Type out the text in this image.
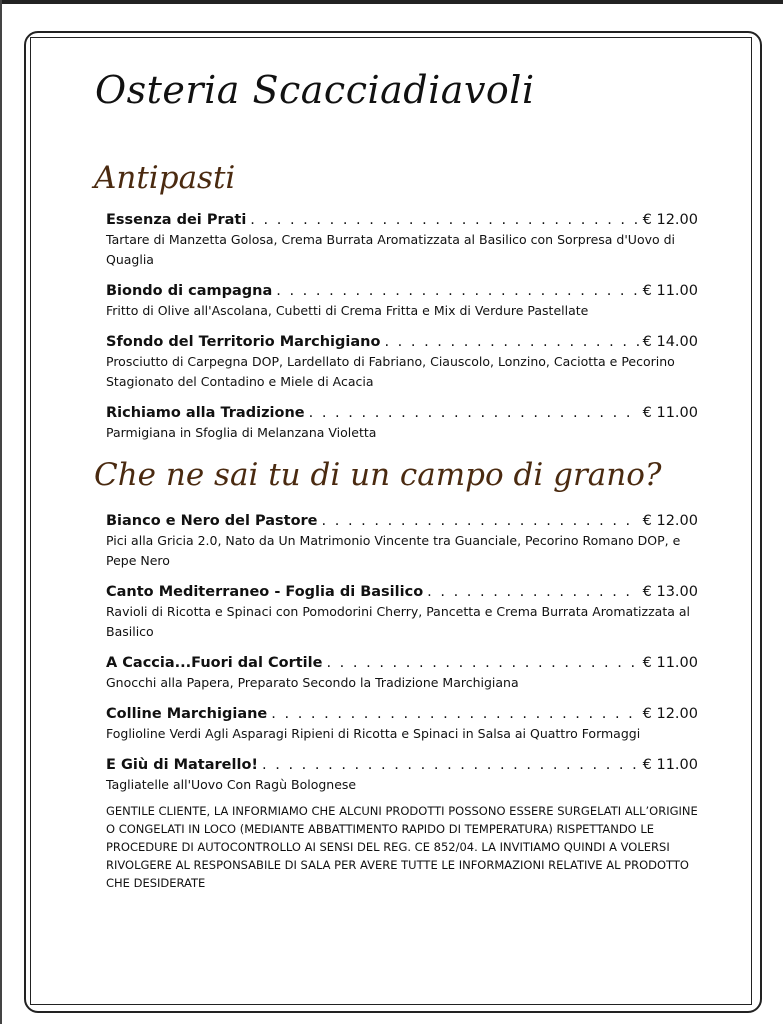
Osteria Scacciadiavoli
Antipasti
Essenza dei Prati . . .	€ 12.00
Tartare di Manzetta Golosa, Crema Burrata Aromatizzata al Basilico con Sorpresa d'Uovo di Quaglia
Biondo di campagna . . .	€ 11.00
Fritto di Olive all'Ascolana, Cubetti di Crema Fritta e Mix di Verdure Pastellate
Sfondo del Territorio Marchigiano . . .	€ 14.00
Prosciutto di Carpegna DOP, Lardellato di Fabriano, Ciauscolo, Lonzino, Caciotta e Pecorino Stagionato del Contadino e Miele di Acacia
Richiamo alla Tradizione . . .	€ 11.00
Parmigiana in Sfoglia di Melanzana Violetta
Che ne sai tu di un campo di grano?
Bianco e Nero del Pastore . . .	€ 12.00
Pici alla Gricia 2.0, Nato da Un Matrimonio Vincente tra Guanciale, Pecorino Romano DOP, e Pepe Nero
Canto Mediterraneo - Foglia di Basilico . . .	€ 13.00
Ravioli di Ricotta e Spinaci con Pomodorini Cherry, Pancetta e Crema Burrata Aromatizzata al Basilico
A Caccia...Fuori dal Cortile . . .	€ 11.00
Gnocchi alla Papera, Preparato Secondo la Tradizione Marchigiana
Colline Marchigiane . . .	€ 12.00
Foglioline Verdi Agli Asparagi Ripieni di Ricotta e Spinaci in Salsa ai Quattro Formaggi
E Giù di Matarello! . . .	€ 11.00
Tagliatelle all'Uovo Con Ragù Bolognese
GENTILE CLIENTE, LA INFORMIAMO CHE ALCUNI PRODOTTI POSSONO ESSERE SURGELATI ALL’ORIGINE O CONGELATI IN LOCO (MEDIANTE ABBATTIMENTO RAPIDO DI TEMPERATURA) RISPETTANDO LE PROCEDURE DI AUTOCONTROLLO AI SENSI DEL REG. CE 852/04. LA INVITIAMO QUINDI A VOLERSI RIVOLGERE AL RESPONSABILE DI SALA PER AVERE TUTTE LE INFORMAZIONI RELATIVE AL PRODOTTO CHE DESIDERATE
